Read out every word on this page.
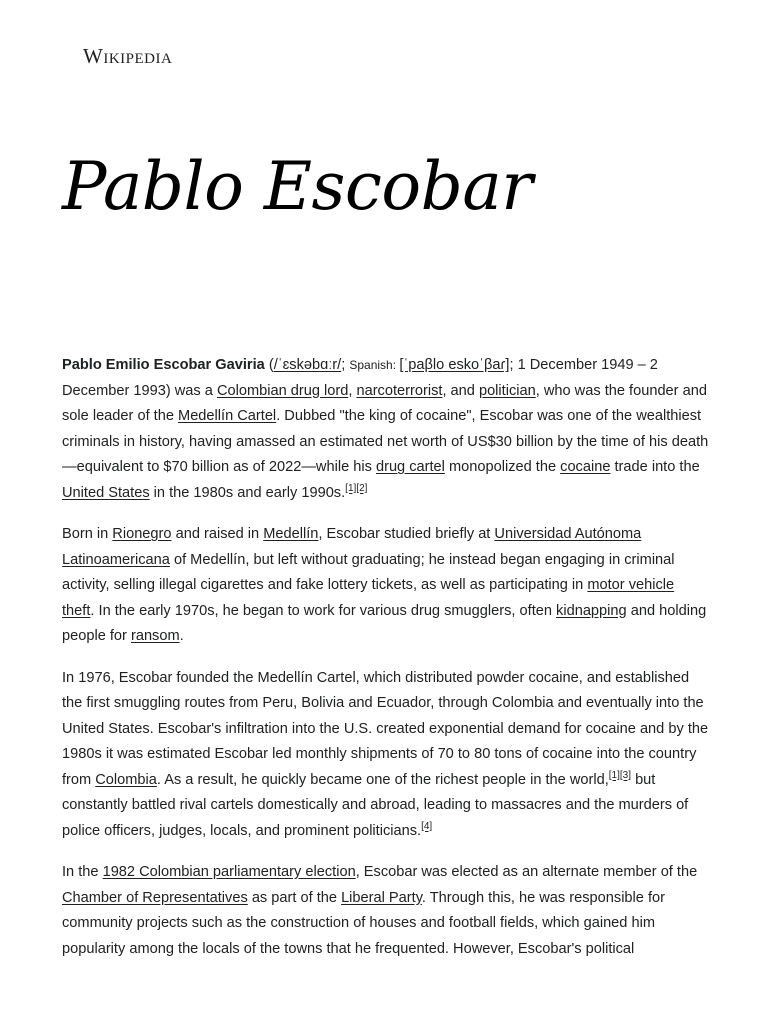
Wikipedia
Pablo Escobar

Pablo Emilio Escobar Gaviria (/ˈɛskəbɑːr/; Spanish: [ˈpaβlo eskoˈβaɾ]; 1 December 1949 – 2 December 1993) was a Colombian drug lord, narcoterrorist, and politician, who was the founder and sole leader of the Medellín Cartel. Dubbed "the king of cocaine", Escobar was one of the wealthiest criminals in history, having amassed an estimated net worth of US$30 billion by the time of his death—equivalent to $70 billion as of 2022—while his drug cartel monopolized the cocaine trade into the United States in the 1980s and early 1990s.[1][2]

Born in Rionegro and raised in Medellín, Escobar studied briefly at Universidad Autónoma Latinoamericana of Medellín, but left without graduating; he instead began engaging in criminal activity, selling illegal cigarettes and fake lottery tickets, as well as participating in motor vehicle theft. In the early 1970s, he began to work for various drug smugglers, often kidnapping and holding people for ransom.

In 1976, Escobar founded the Medellín Cartel, which distributed powder cocaine, and established the first smuggling routes from Peru, Bolivia and Ecuador, through Colombia and eventually into the United States. Escobar's infiltration into the U.S. created exponential demand for cocaine and by the 1980s it was estimated Escobar led monthly shipments of 70 to 80 tons of cocaine into the country from Colombia. As a result, he quickly became one of the richest people in the world,[1][3] but constantly battled rival cartels domestically and abroad, leading to massacres and the murders of police officers, judges, locals, and prominent politicians.[4]

In the 1982 Colombian parliamentary election, Escobar was elected as an alternate member of the Chamber of Representatives as part of the Liberal Party. Through this, he was responsible for community projects such as the construction of houses and football fields, which gained him popularity among the locals of the towns that he frequented. However, Escobar's political
